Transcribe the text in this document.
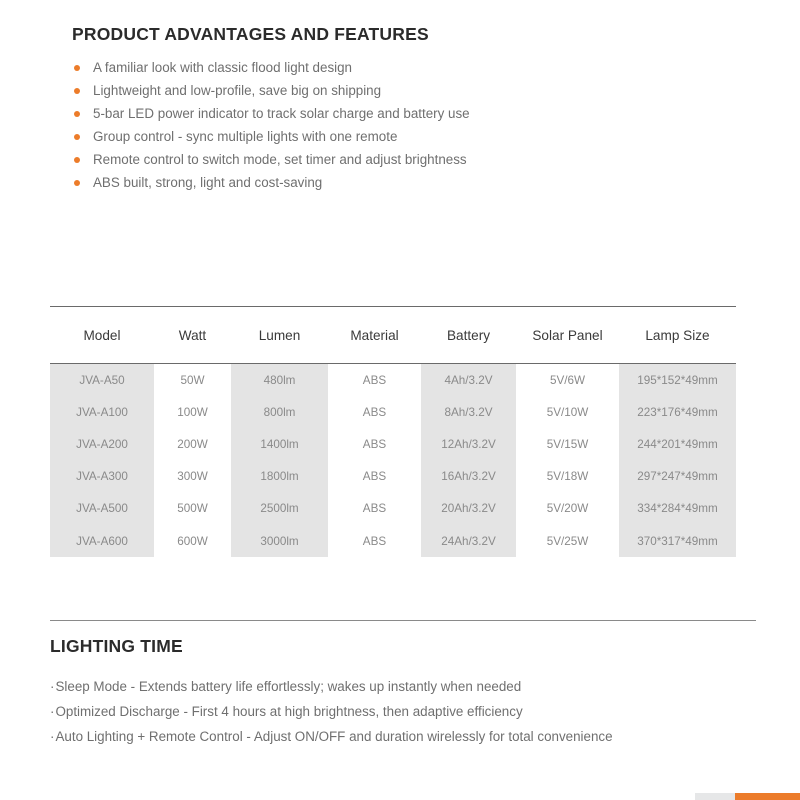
PRODUCT ADVANTAGES AND FEATURES
A familiar look with classic flood light design
Lightweight and low-profile, save big on shipping
5-bar LED power indicator to track solar charge and battery use
Group control - sync multiple lights with one remote
Remote control to switch mode, set timer and adjust brightness
ABS built, strong, light and cost-saving
Model	Watt	Lumen	Material	Battery	Solar Panel	Lamp Size
JVA-A50	50W	480lm	ABS	4Ah/3.2V	5V/6W	195*152*49mm
JVA-A100	100W	800lm	ABS	8Ah/3.2V	5V/10W	223*176*49mm
JVA-A200	200W	1400lm	ABS	12Ah/3.2V	5V/15W	244*201*49mm
JVA-A300	300W	1800lm	ABS	16Ah/3.2V	5V/18W	297*247*49mm
JVA-A500	500W	2500lm	ABS	20Ah/3.2V	5V/20W	334*284*49mm
JVA-A600	600W	3000lm	ABS	24Ah/3.2V	5V/25W	370*317*49mm
LIGHTING TIME
·Sleep Mode - Extends battery life effortlessly; wakes up instantly when needed
·Optimized Discharge - First 4 hours at high brightness, then adaptive efficiency
·Auto Lighting + Remote Control - Adjust ON/OFF and duration wirelessly for total convenience
